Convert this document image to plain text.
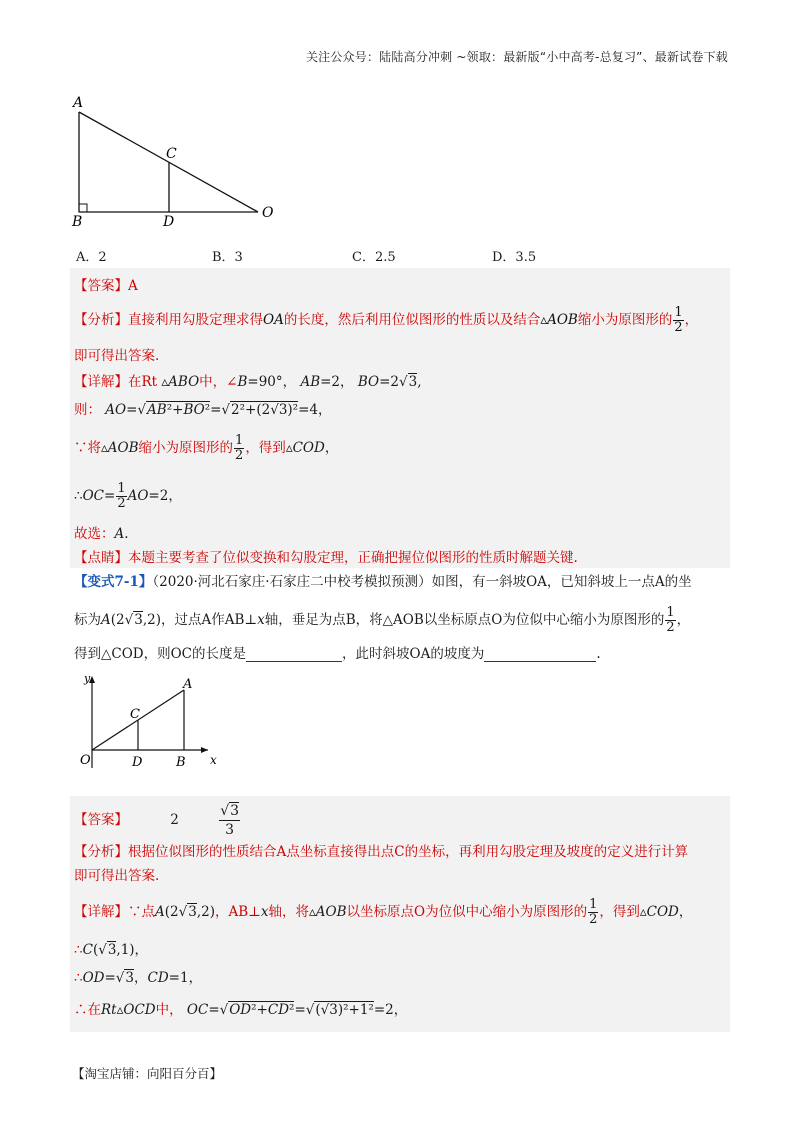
关注公众号：陆陆高分冲刺 ~领取：最新版“小中高考-总复习”、最新试卷下载
A
B
C
D
O
A．2	B．3	C．2.5	D．3.5
【答案】A
【分析】直接利用勾股定理求得OA的长度，然后利用位似图形的性质以及结合▵AOB缩小为原图形的 $\frac{1}{2}$ ，
即可得出答案.
【详解】在Rt ▵ABO中，∠B=90°， AB=2， BO=2√3,
则： AO=√AB²+BO²=√2²+(2√3)²=4，
∵将▵AOB缩小为原图形的 $\frac{1}{2}$ ，得到▵COD，
∴OC= $\frac{1}{2} AO=2$，
故选：A.
【点睛】本题主要考查了位似变换和勾股定理，正确把握位似图形的性质时解题关键.
【变式7-1】（2020·河北石家庄·石家庄二中校考模拟预测）如图，有一斜坡OA，已知斜坡上一点A的坐
标为A(2√3,2)，过点A作AB⊥x轴，垂足为点B，将△AOB以坐标原点O为位似中心缩小为原图形的 $\frac{1}{2}$ ，
得到△COD，则OC的长度是	，此时斜坡OA的坡度为	.
y
x
O
A
C
D	B
【答案】	2	$\frac{√3}{3}$
【分析】根据位似图形的性质结合A点坐标直接得出点C的坐标，再利用勾股定理及坡度的定义进行计算
即可得出答案.
【详解】∵点A(2√3,2)，AB⊥x轴，将▵AOB以坐标原点O为位似中心缩小为原图形的 $\frac{1}{2}$ ，得到▵COD，
∴C(√3,1)，
∴OD=√3，CD=1，
∴在Rt▵OCD中， OC=√OD²+CD²=√(√3)²+1²=2，
【淘宝店铺：向阳百分百】
